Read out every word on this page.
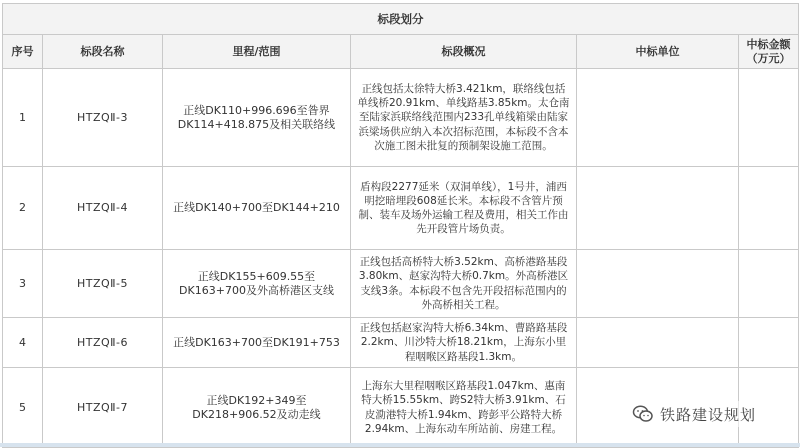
标段划分					
序号	标段名称	里程/范围	标段概况	中标单位	中标金额（万元）
1	HTZQⅡ-3	正线DK110+996.696至昝界DK114+418.875及相关联络线	正线包括太徐特大桥3.421km，联络线包括单线桥20.91km、单线路基3.85km。太仓南至陆家浜联络线范围内233孔单线箱梁由陆家浜梁场供应纳入本次招标范围，本标段不含本次施工图未批复的预制架设施工范围。		
2	HTZQⅡ-4	正线DK140+700至DK144+210	盾构段2277延米（双洞单线），1号井，浦西明挖暗埋段608延长米。本标段不含管片预制、装车及场外运输工程及费用，相关工作由先开段管片场负责。		
3	HTZQⅡ-5	正线DK155+609.55至DK163+700及外高桥港区支线	正线包括高桥特大桥3.52km、高桥港路基段3.80km、赵家沟特大桥0.7km。外高桥港区支线3条。本标段不包含先开段招标范围内的外高桥相关工程。		
4	HTZQⅡ-6	正线DK163+700至DK191+753	正线包括赵家沟特大桥6.34km、曹路路基段2.2km、川沙特大桥18.21km，上海东小里程咽喉区路基段1.3km。		
5	HTZQⅡ-7	正线DK192+349至DK218+906.52及动走线	上海东大里程咽喉区路基段1.047km、惠南特大桥15.55km、跨S2特大桥3.91km、石皮泐港特大桥1.94km、跨彭平公路特大桥2.94km、上海东动车所站前、房建工程。		
铁路建设规划
